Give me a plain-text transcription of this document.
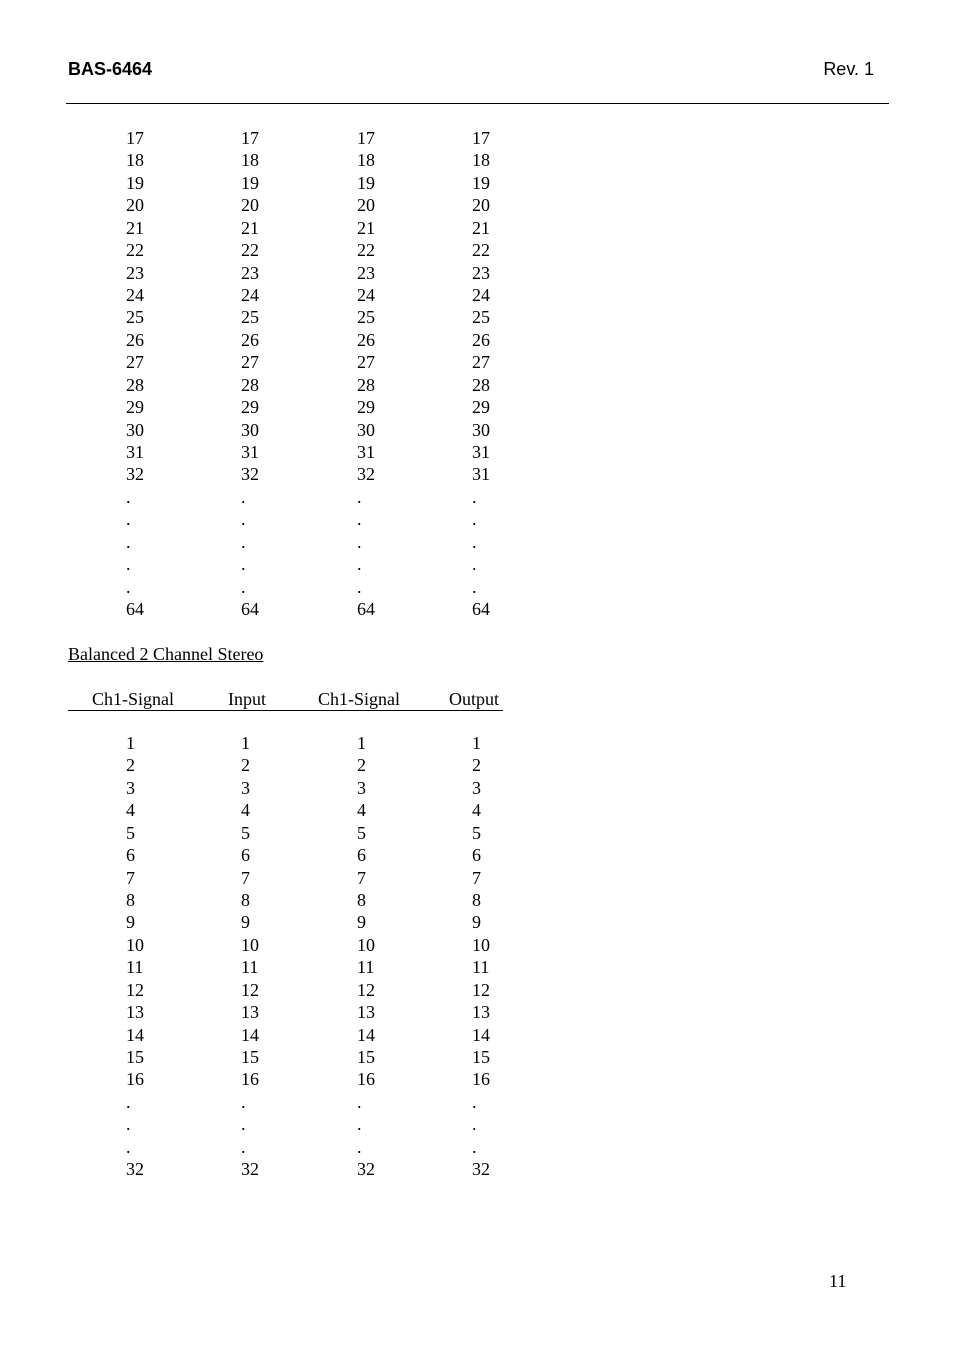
BAS-6464	Rev. 1
17	17	17	17
18	18	18	18
19	19	19	19
20	20	20	20
21	21	21	21
22	22	22	22
23	23	23	23
24	24	24	24
25	25	25	25
26	26	26	26
27	27	27	27
28	28	28	28
29	29	29	29
30	30	30	30
31	31	31	31
32	32	32	31
.	.	.	.
.	.	.	.
.	.	.	.
.	.	.	.
.	.	.	.
64	64	64	64
Balanced 2 Channel Stereo
Ch1-Signal	Input	Ch1-Signal	Output
1	1	1	1
2	2	2	2
3	3	3	3
4	4	4	4
5	5	5	5
6	6	6	6
7	7	7	7
8	8	8	8
9	9	9	9
10	10	10	10
11	11	11	11
12	12	12	12
13	13	13	13
14	14	14	14
15	15	15	15
16	16	16	16
.	.	.	.
.	.	.	.
.	.	.	.
32	32	32	32
11
